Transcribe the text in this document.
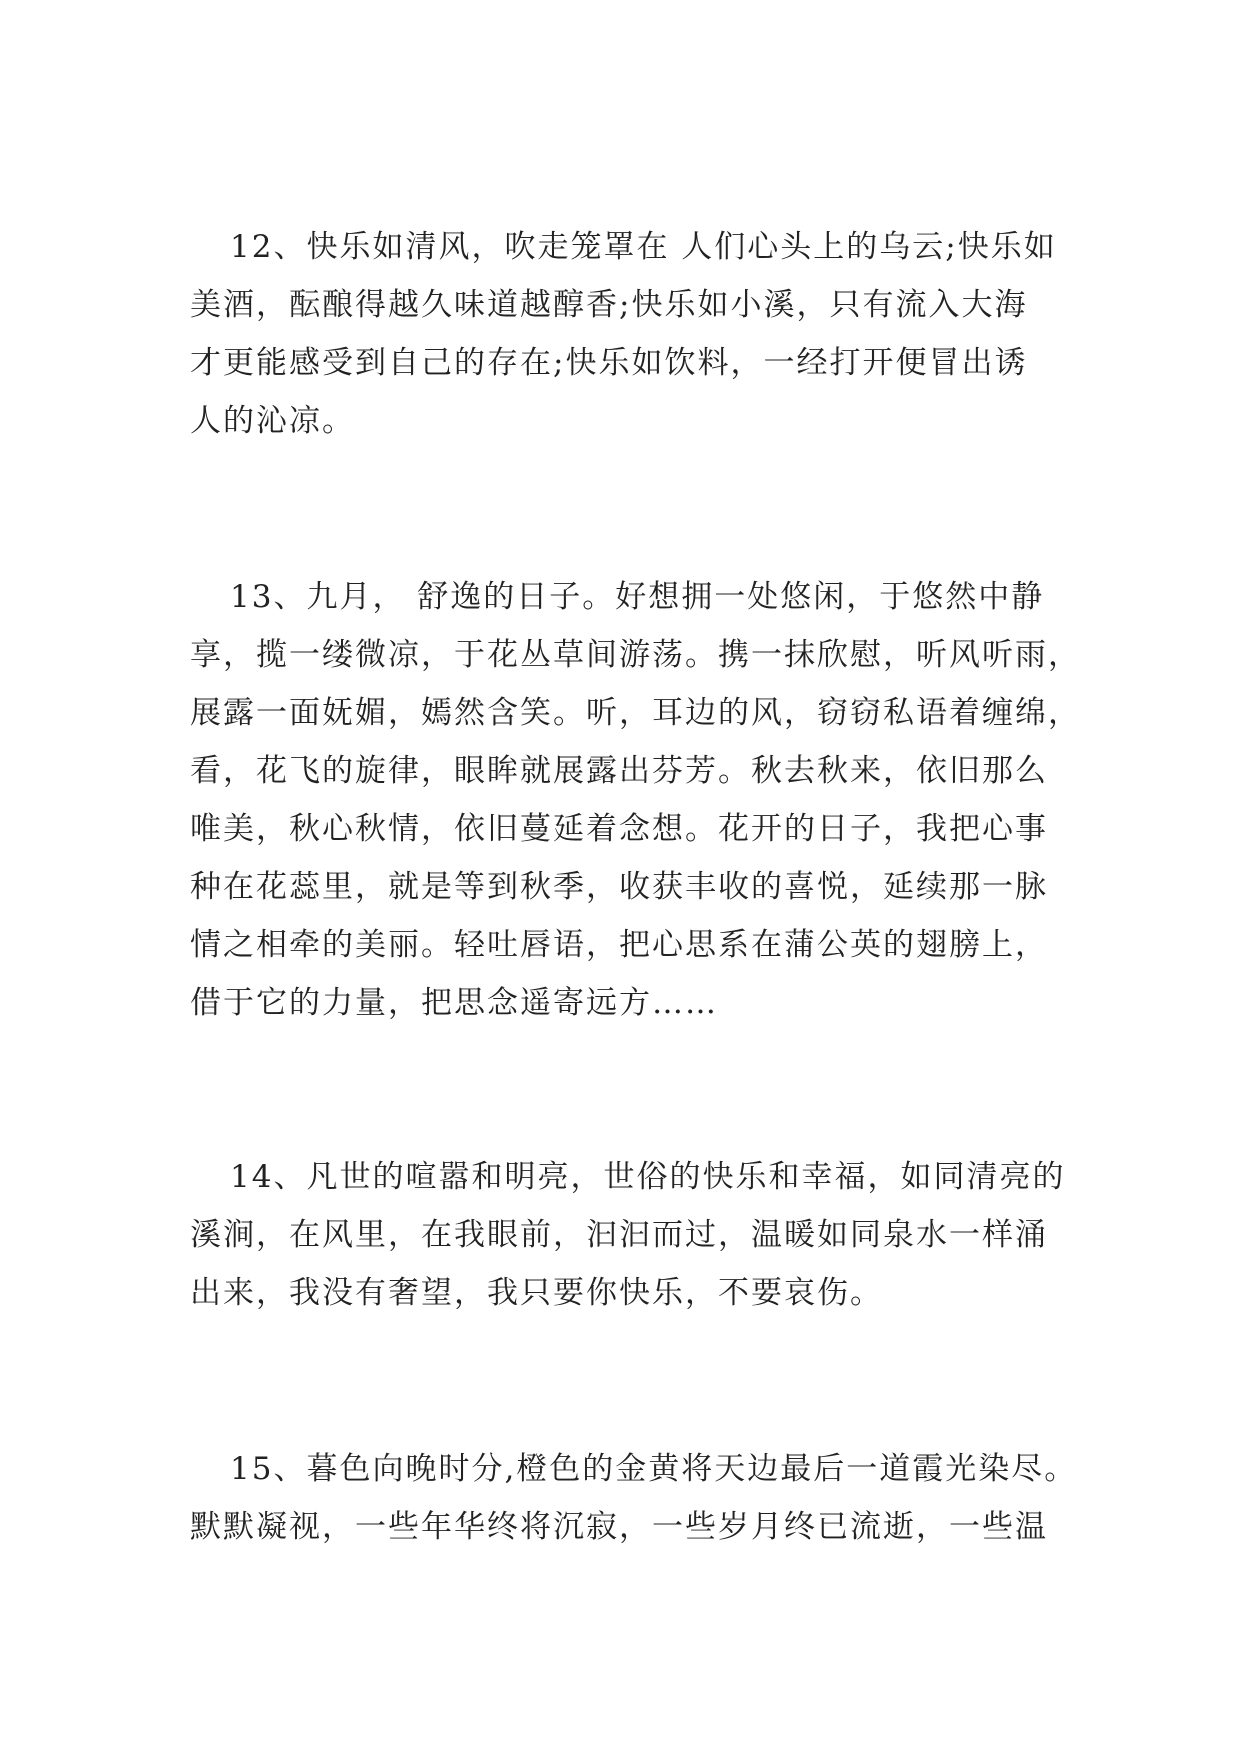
12、快乐如清风，吹走笼罩在 人们心头上的乌云;快乐如
美酒，酝酿得越久味道越醇香;快乐如小溪，只有流入大海
才更能感受到自己的存在;快乐如饮料，一经打开便冒出诱
人的沁凉。
13、九月， 舒逸的日子。好想拥一处悠闲，于悠然中静
享，揽一缕微凉，于花丛草间游荡。携一抹欣慰，听风听雨，
展露一面妩媚，嫣然含笑。听，耳边的风，窃窃私语着缠绵，
看，花飞的旋律，眼眸就展露出芬芳。秋去秋来，依旧那么
唯美，秋心秋情，依旧蔓延着念想。花开的日子，我把心事
种在花蕊里，就是等到秋季，收获丰收的喜悦，延续那一脉
情之相牵的美丽。轻吐唇语，把心思系在蒲公英的翅膀上，
借于它的力量，把思念遥寄远方……
14、凡世的喧嚣和明亮，世俗的快乐和幸福，如同清亮的
溪涧，在风里，在我眼前，汩汩而过，温暖如同泉水一样涌
出来，我没有奢望，我只要你快乐，不要哀伤。
15、暮色向晚时分,橙色的金黄将天边最后一道霞光染尽。
默默凝视，一些年华终将沉寂，一些岁月终已流逝，一些温
